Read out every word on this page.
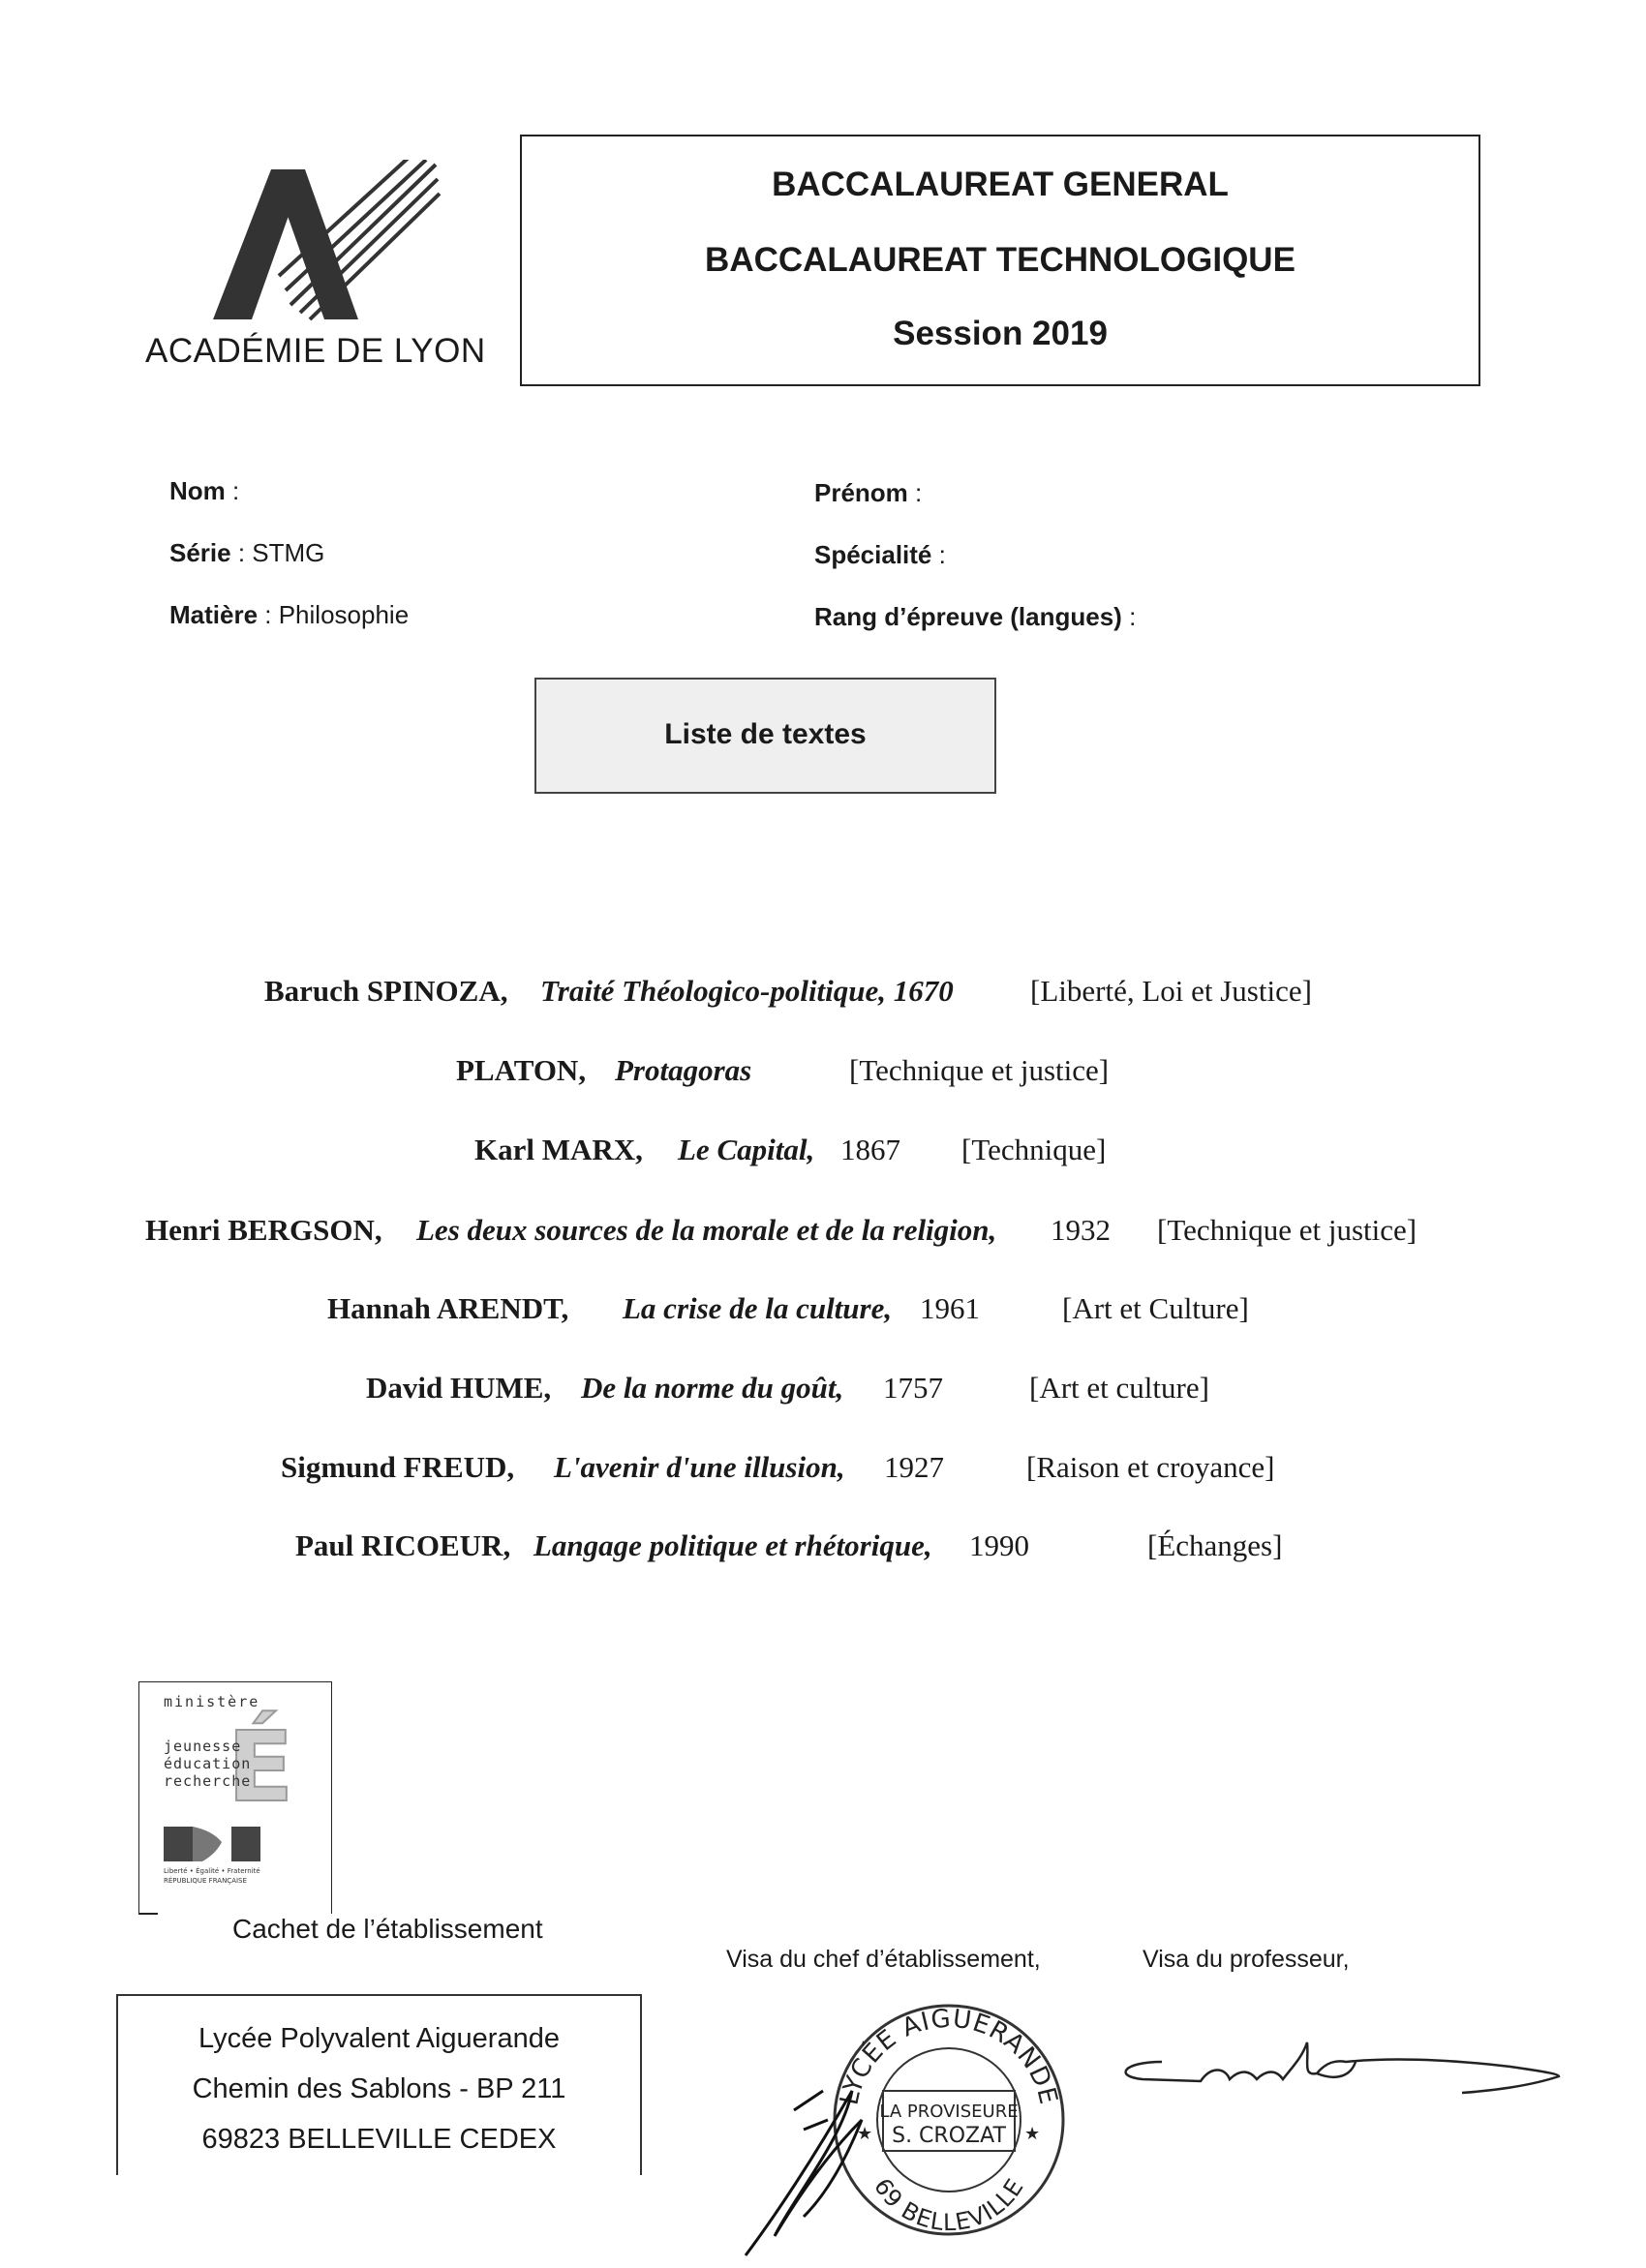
ACADÉMIE DE LYON
BACCALAUREAT GENERAL
BACCALAUREAT TECHNOLOGIQUE
Session 2019
Nom :	Prénom :
Série : STMG	Spécialité :
Matière : Philosophie	Rang d’épreuve (langues) :
Liste de textes
Baruch SPINOZA, Traité Théologico-politique, 1670	[Liberté, Loi et Justice]
PLATON, Protagoras	[Technique et justice]
Karl MARX, Le Capital, 1867 [Technique]
Henri BERGSON, Les deux sources de la morale et de la religion, 1932 [Technique et justice]
Hannah ARENDT, La crise de la culture, 1961	[Art et Culture]
David HUME, De la norme du goût, 1757	[Art et culture]
Sigmund FREUD, L'avenir d'une illusion, 1927	[Raison et croyance]
Paul RICOEUR, Langage politique et rhétorique, 1990	[Échanges]
ministère
É
jeunesse
éducation
recherche
Liberté • Égalité • Fraternité
RÉPUBLIQUE FRANÇAISE
Cachet de l’établissement
Visa du chef d’établissement,	Visa du professeur,
Lycée Polyvalent Aiguerande
Chemin des Sablons - BP 211
69823 BELLEVILLE CEDEX
LYCÉE AIGUERANDE
69 BELLEVILLE
LA PROVISEURE
S. CROZAT
★	★
